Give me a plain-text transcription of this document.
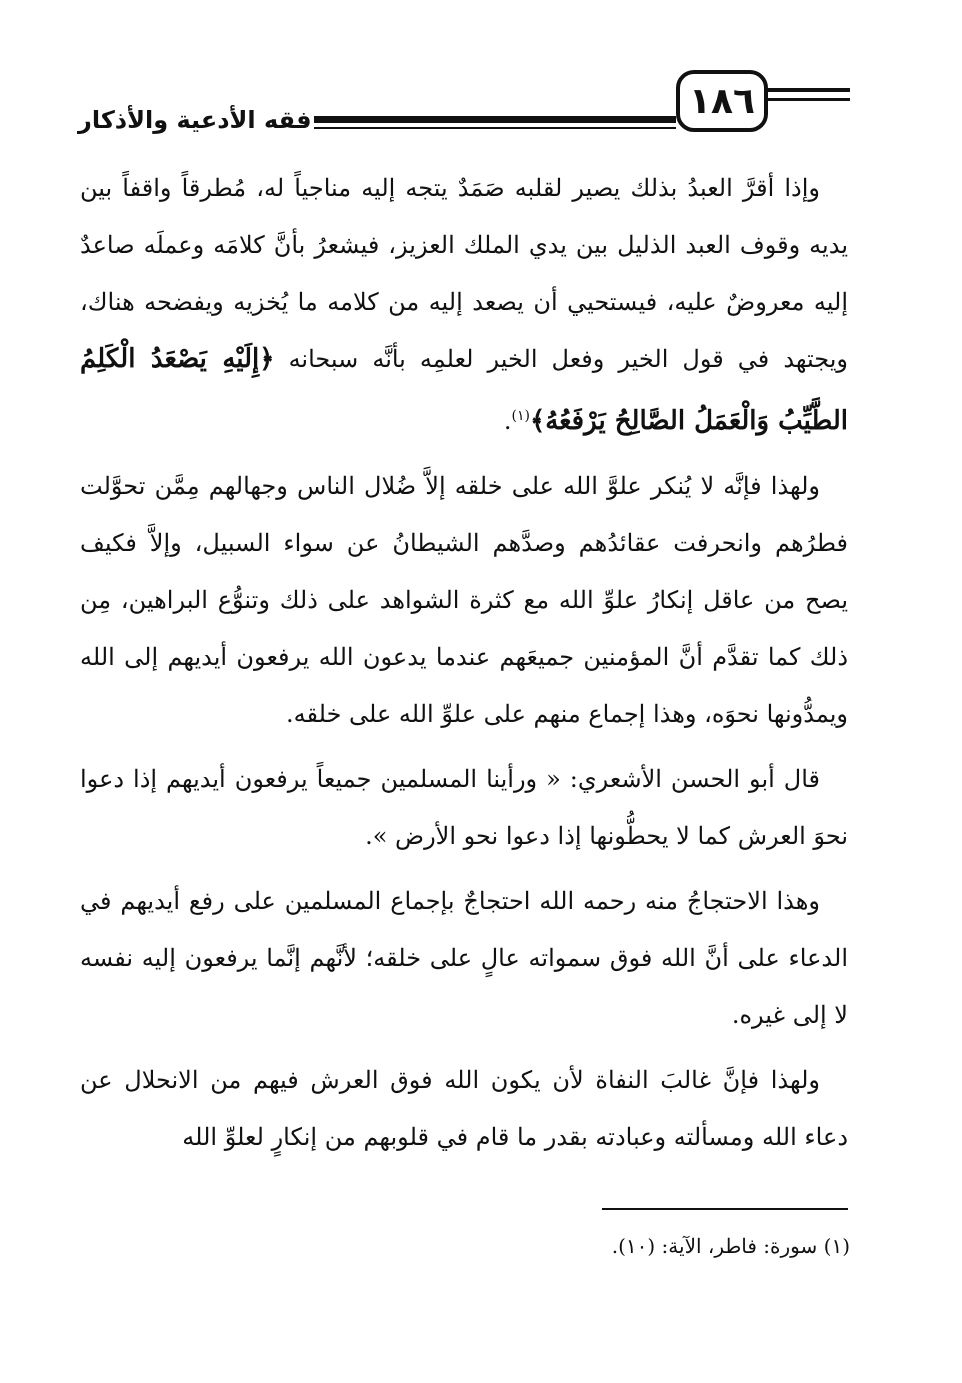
فقه الأدعية والأذكار	١٨٦

وإذا أقرَّ العبدُ بذلك يصير لقلبه صَمَدٌ يتجه إليه مناجياً له، مُطرقاً واقفاً بين يديه وقوف العبد الذليل بين يدي الملك العزيز، فيشعرُ بأنَّ كلامَه وعملَه صاعدٌ إليه معروضٌ عليه، فيستحيي أن يصعد إليه من كلامه ما يُخزيه ويفضحه هناك، ويجتهد في قول الخير وفعل الخير لعلمِه بأنَّه سبحانه ﴿إِلَيْهِ يَصْعَدُ الْكَلِمُ الطَّيِّبُ وَالْعَمَلُ الصَّالِحُ يَرْفَعُهُ﴾$^{(١)}$.

ولهذا فإنَّه لا يُنكر علوَّ الله على خلقه إلاَّ ضُلال الناس وجهالهم مِمَّن تحوَّلت فطرُهم وانحرفت عقائدُهم وصدَّهم الشيطانُ عن سواء السبيل، وإلاَّ فكيف يصح من عاقل إنكارُ علوِّ الله مع كثرة الشواهد على ذلك وتنوُّع البراهين، مِن ذلك كما تقدَّم أنَّ المؤمنين جميعَهم عندما يدعون الله يرفعون أيديهم إلى الله ويمدُّونها نحوَه، وهذا إجماع منهم على علوِّ الله على خلقه.

قال أبو الحسن الأشعري: « ورأينا المسلمين جميعاً يرفعون أيديهم إذا دعوا نحوَ العرش كما لا يحطُّونها إذا دعوا نحو الأرض ».

وهذا الاحتجاجُ منه رحمه الله احتجاجٌ بإجماع المسلمين على رفع أيديهم في الدعاء على أنَّ الله فوق سمواته عالٍ على خلقه؛ لأنَّهم إنَّما يرفعون إليه نفسه لا إلى غيره.

ولهذا فإنَّ غالبَ النفاة لأن يكون الله فوق العرش فيهم من الانحلال عن دعاء الله ومسألته وعبادته بقدر ما قام في قلوبهم من إنكارٍ لعلوِّ الله

(١) سورة: فاطر، الآية: (١٠).
